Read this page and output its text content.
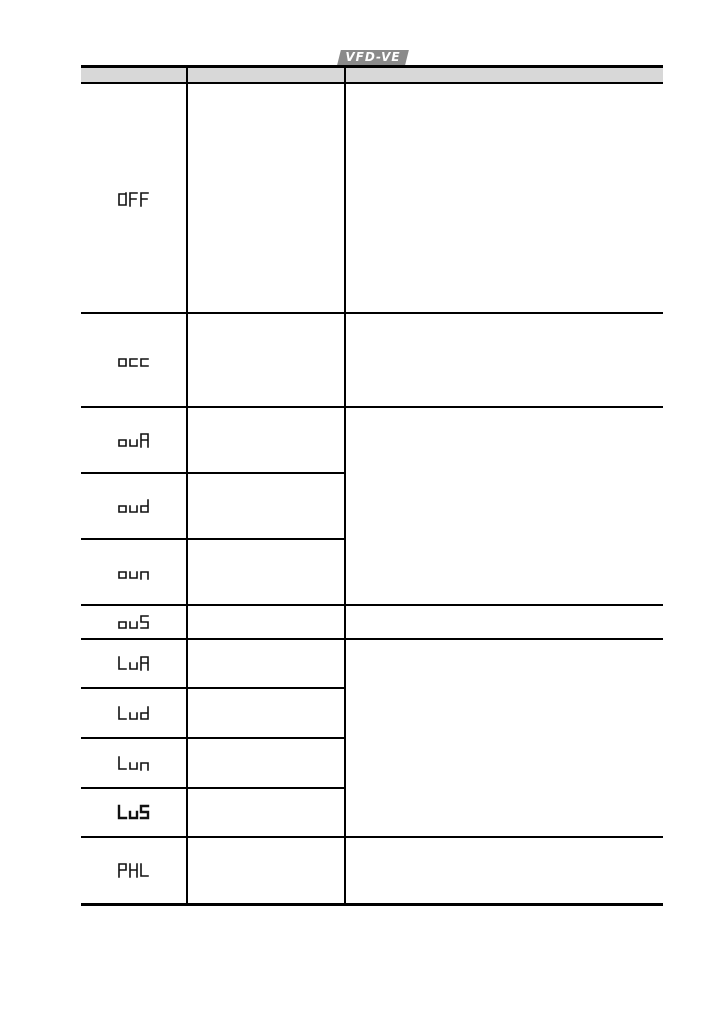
VFD-VE
